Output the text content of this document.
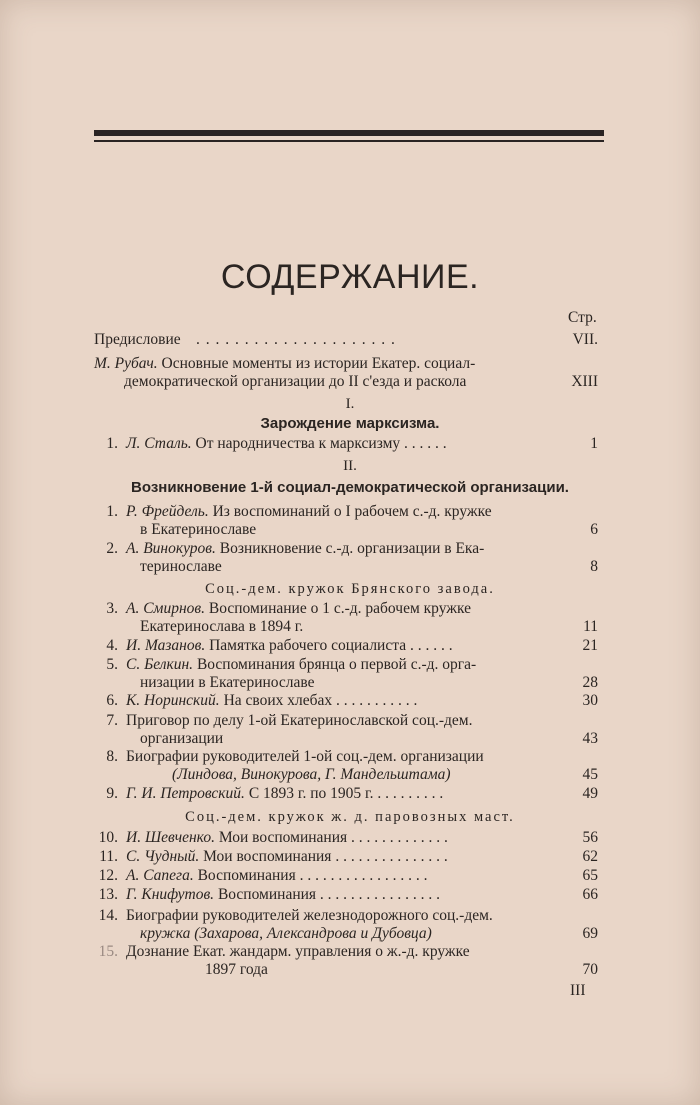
СОДЕРЖАНИЕ.
Стр.
Предисловие . . . . . . . . . . . . . . . . . . . . .	VII.
М. Рубач. Основные моменты из истории Екатер. социал-
демократической организации до II с'езда и раскола	XIII
I.
Зарождение марксизма.
1. Л. Сталь. От народничества к марксизму . . . . . .	1
II.
Возникновение 1-й социал-демократической организации.
1. Р. Фрейдель. Из воспоминаний о I рабочем с.-д. кружке
в Екатеринославе	6
2. А. Винокуров. Возникновение с.-д. организации в Ека-
теринославе	8
Соц.-дем. кружок Брянского завода.
3. А. Смирнов. Воспоминание о 1 с.-д. рабочем кружке
Екатеринослава в 1894 г.	11
4. И. Мазанов. Памятка рабочего социалиста . . . . . .	21
5. С. Белкин. Воспоминания брянца о первой с.-д. орга-
низации в Екатеринославе	28
6. К. Норинский. На своих хлебах . . . . . . . . . . .	30
7. Приговор по делу 1-ой Екатеринославской соц.-дем.
организации	43
8. Биографии руководителей 1-ой соц.-дем. организации
(Линдова, Винокурова, Г. Мандельштама)	45
9. Г. И. Петровский. С 1893 г. по 1905 г. . . . . . . . . .	49
Соц.-дем. кружок ж. д. паровозных маст.
10. И. Шевченко. Мои воспоминания . . . . . . . . . . . . .	56
11. С. Чудный. Мои воспоминания . . . . . . . . . . . . . . .	62
12. А. Сапега. Воспоминания . . . . . . . . . . . . . . . . .	65
13. Г. Книфутов. Воспоминания . . . . . . . . . . . . . . . .	66
14. Биографии руководителей железнодорожного соц.-дем.
кружка (Захарова, Александрова и Дубовца)	69
15. Дознание Екат. жандарм. управления о ж.-д. кружке
1897 года	70
III
